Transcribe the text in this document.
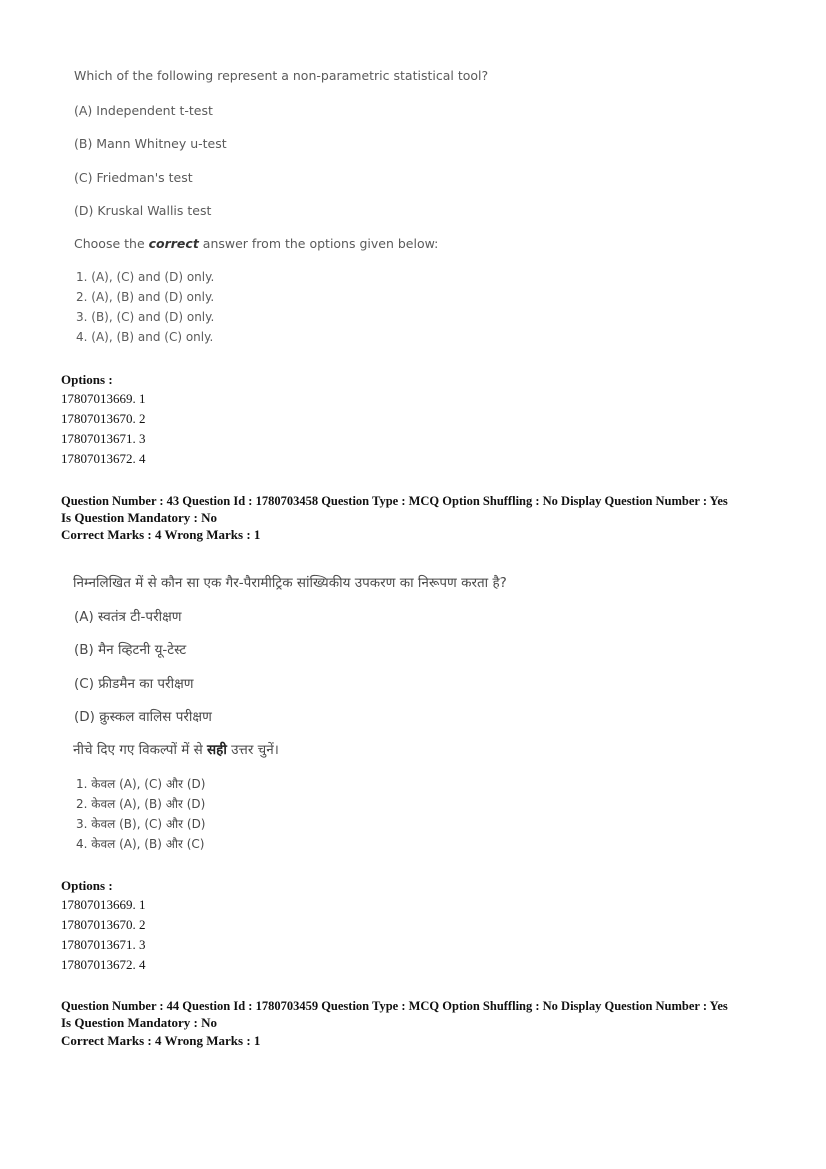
Which of the following represent a non-parametric statistical tool?
(A) Independent t-test
(B) Mann Whitney u-test
(C) Friedman's test
(D) Kruskal Wallis test
Choose the correct answer from the options given below:
1. (A), (C) and (D) only.
2. (A), (B) and (D) only.
3. (B), (C) and (D) only.
4. (A), (B) and (C) only.
Options :
17807013669. 1
17807013670. 2
17807013671. 3
17807013672. 4
Question Number : 43 Question Id : 1780703458 Question Type : MCQ Option Shuffling : No Display Question Number : Yes
Is Question Mandatory : No
Correct Marks : 4 Wrong Marks : 1
निम्नलिखित में से कौन सा एक गैर-पैरामीट्रिक सांख्यिकीय उपकरण का निरूपण करता है?
(A) स्वतंत्र टी-परीक्षण
(B) मैन व्हिटनी यू-टेस्ट
(C) फ्रीडमैन का परीक्षण
(D) क्रुस्कल वालिस परीक्षण
नीचे दिए गए विकल्पों में से सही उत्तर चुनें।
1. केवल (A), (C) और (D)
2. केवल (A), (B) और (D)
3. केवल (B), (C) और (D)
4. केवल (A), (B) और (C)
Options :
17807013669. 1
17807013670. 2
17807013671. 3
17807013672. 4
Question Number : 44 Question Id : 1780703459 Question Type : MCQ Option Shuffling : No Display Question Number : Yes
Is Question Mandatory : No
Correct Marks : 4 Wrong Marks : 1
